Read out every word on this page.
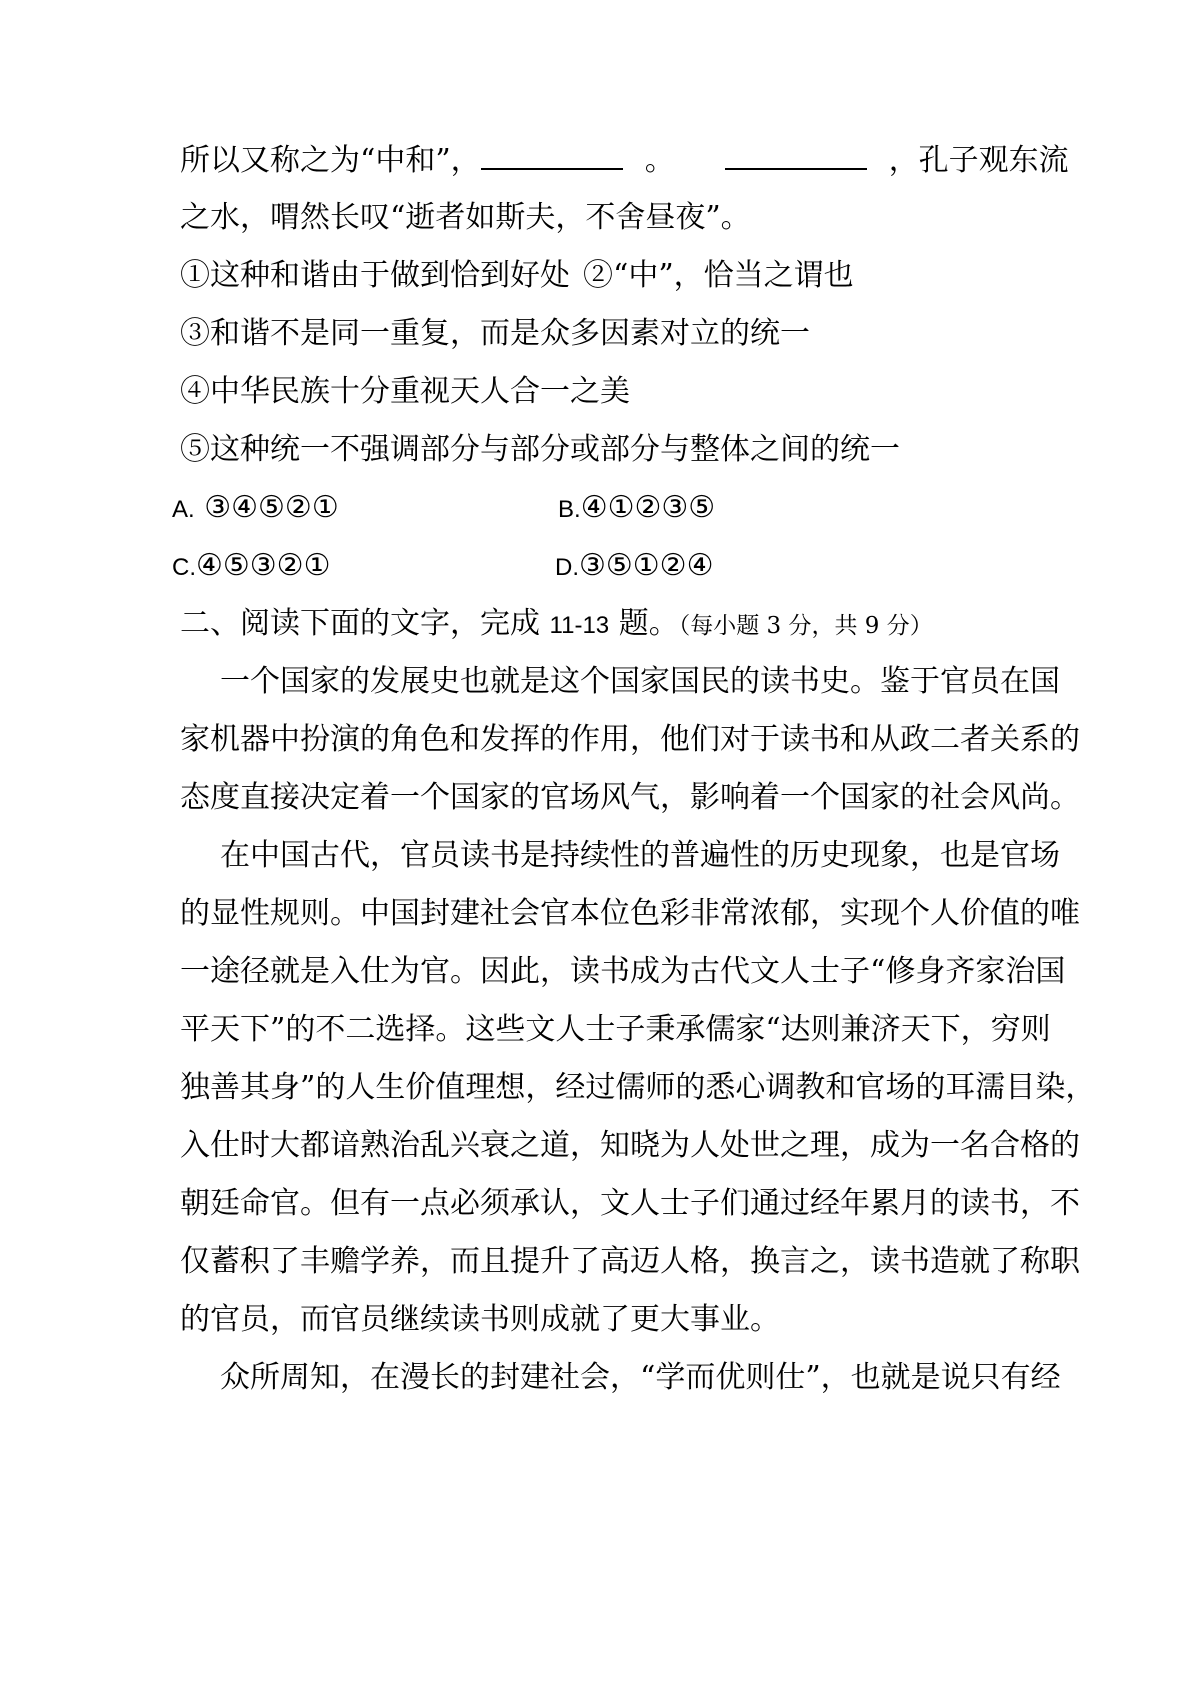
所以又称之为“中和”，	。	，孔子观东流
之水，喟然长叹“逝者如斯夫，不舍昼夜”。
①这种和谐由于做到恰到好处 ②“中”，恰当之谓也
③和谐不是同一重复，而是众多因素对立的统一
④中华民族十分重视天人合一之美
⑤这种统一不强调部分与部分或部分与整体之间的统一
A. ③④⑤②①	B.④①②③⑤
C.④⑤③②①	D.③⑤①②④
二、阅读下面的文字，完成 11-13 题。（每小题 3 分，共 9 分）
一个国家的发展史也就是这个国家国民的读书史。鉴于官员在国
家机器中扮演的角色和发挥的作用，他们对于读书和从政二者关系的
态度直接决定着一个国家的官场风气，影响着一个国家的社会风尚。
在中国古代，官员读书是持续性的普遍性的历史现象，也是官场
的显性规则。中国封建社会官本位色彩非常浓郁，实现个人价值的唯
一途径就是入仕为官。因此，读书成为古代文人士子“修身齐家治国
平天下”的不二选择。这些文人士子秉承儒家“达则兼济天下，穷则
独善其身”的人生价值理想，经过儒师的悉心调教和官场的耳濡目染，
入仕时大都谙熟治乱兴衰之道，知晓为人处世之理，成为一名合格的
朝廷命官。但有一点必须承认，文人士子们通过经年累月的读书，不
仅蓄积了丰赡学养，而且提升了高迈人格，换言之，读书造就了称职
的官员，而官员继续读书则成就了更大事业。
众所周知，在漫长的封建社会，“学而优则仕”，也就是说只有经
